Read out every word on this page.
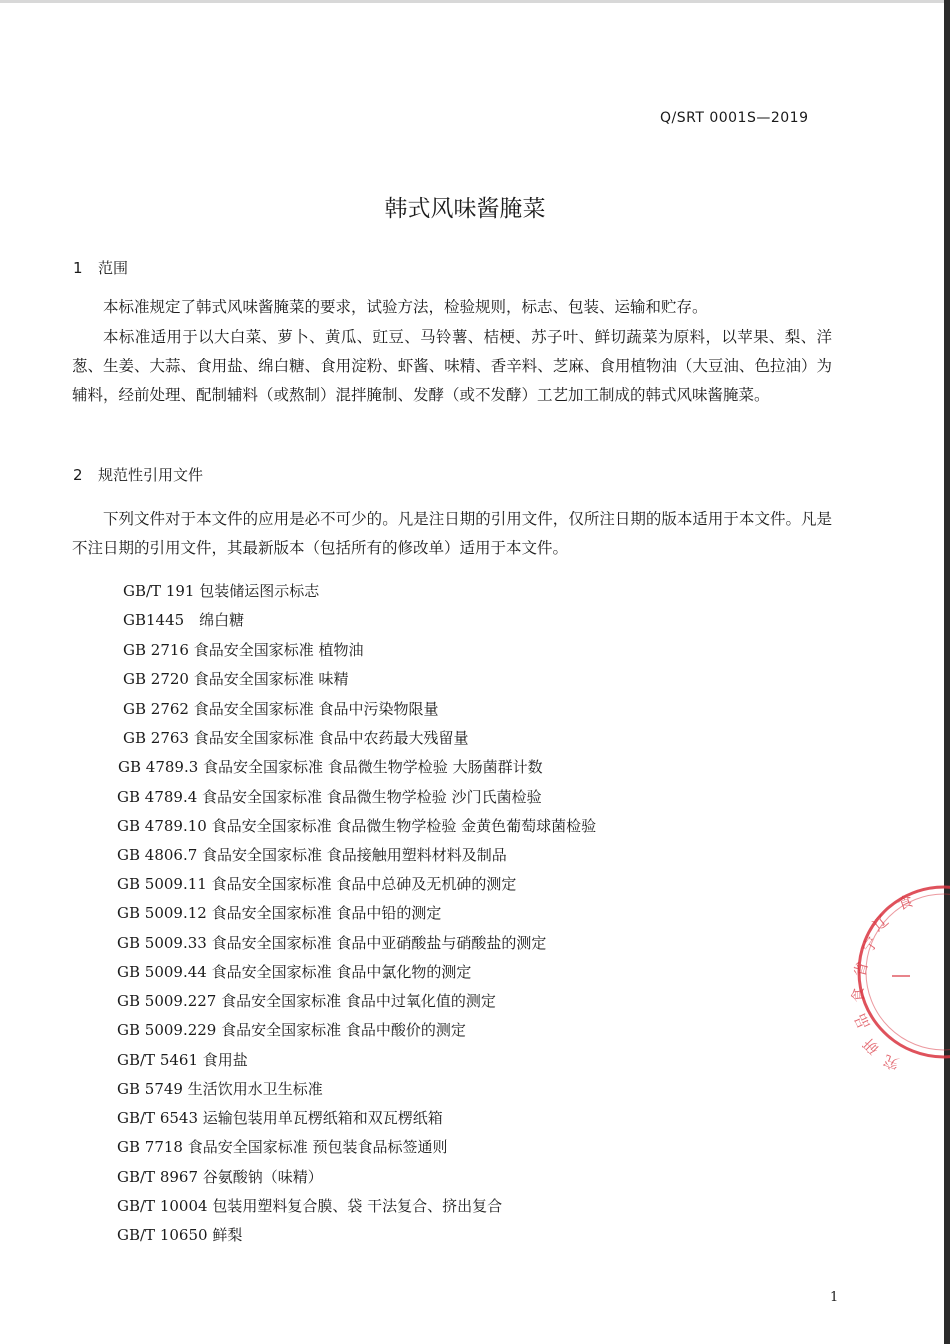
Q/SRT 0001S—2019
韩式风味酱腌菜
1 范围
本标准规定了韩式风味酱腌菜的要求，试验方法，检验规则，标志、包装、运输和贮存。
本标准适用于以大白菜、萝卜、黄瓜、豇豆、马铃薯、桔梗、苏子叶、鲜切蔬菜为原料，以苹果、梨、洋葱、生姜、大蒜、食用盐、绵白糖、食用淀粉、虾酱、味精、香辛料、芝麻、食用植物油（大豆油、色拉油）为辅料，经前处理、配制辅料（或熬制）混拌腌制、发酵（或不发酵）工艺加工制成的韩式风味酱腌菜。
2 规范性引用文件
下列文件对于本文件的应用是必不可少的。凡是注日期的引用文件，仅所注日期的版本适用于本文件。凡是不注日期的引用文件，其最新版本（包括所有的修改单）适用于本文件。
GB/T 191 包装储运图示标志
GB1445　绵白糖
GB 2716 食品安全国家标准 植物油
GB 2720 食品安全国家标准 味精
GB 2762 食品安全国家标准 食品中污染物限量
GB 2763 食品安全国家标准 食品中农药最大残留量
GB 4789.3 食品安全国家标准 食品微生物学检验 大肠菌群计数
GB 4789.4 食品安全国家标准 食品微生物学检验 沙门氏菌检验
GB 4789.10 食品安全国家标准 食品微生物学检验 金黄色葡萄球菌检验
GB 4806.7 食品安全国家标准 食品接触用塑料材料及制品
GB 5009.11 食品安全国家标准 食品中总砷及无机砷的测定
GB 5009.12 食品安全国家标准 食品中铅的测定
GB 5009.33 食品安全国家标准 食品中亚硝酸盐与硝酸盐的测定
GB 5009.44 食品安全国家标准 食品中氯化物的测定
GB 5009.227 食品安全国家标准 食品中过氧化值的测定
GB 5009.229 食品安全国家标准 食品中酸价的测定
GB/T 5461 食用盐
GB 5749 生活饮用水卫生标准
GB/T 6543 运输包装用单瓦楞纸箱和双瓦楞纸箱
GB 7718 食品安全国家标准 预包装食品标签通则
GB/T 8967 谷氨酸钠（味精）
GB/T 10004 包装用塑料复合膜、袋 干法复合、挤出复合
GB/T 10650 鲜梨
辽
宁
省
食
品
研
究
食
1
